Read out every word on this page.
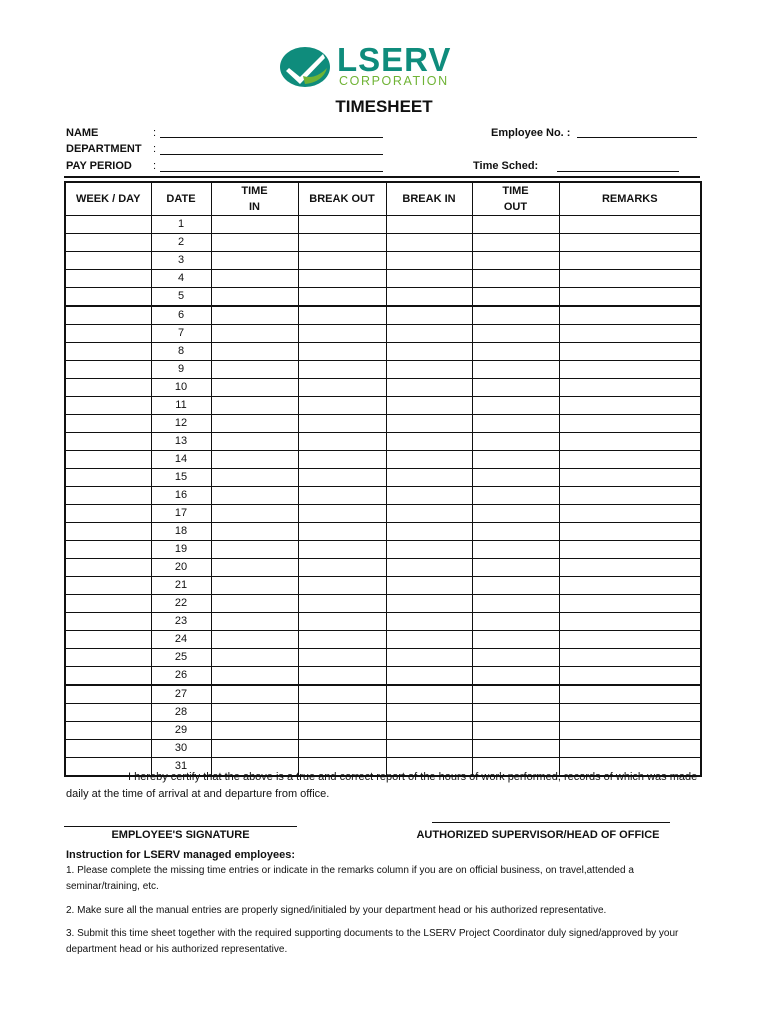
LSERV
CORPORATION
TIMESHEET
NAME	:
DEPARTMENT :
PAY PERIOD :
Employee No. :
Time Sched:
WEEK / DAY	DATE	TIME IN	BREAK OUT	BREAK IN	TIME OUT	REMARKS
	1					
	2					
	3					
	4					
	5					
	6					
	7					
	8					
	9					
	10					
	11					
	12					
	13					
	14					
	15					
	16					
	17					
	18					
	19					
	20					
	21					
	22					
	23					
	24					
	25					
	26					
	27					
	28					
	29					
	30					
	31					
I hereby certify that the above is a true and correct report of the hours of work performed, records of which was made daily at the time of arrival at and departure from office.
EMPLOYEE'S SIGNATURE	AUTHORIZED SUPERVISOR/HEAD OF OFFICE
Instruction for LSERV managed employees:
1. Please complete the missing time entries or indicate in the remarks column if you are on official business, on travel,attended a seminar/training, etc.
2. Make sure all the manual entries are properly signed/initialed by your department head or his authorized representative.
3. Submit this time sheet together with the required supporting documents to the LSERV Project Coordinator duly signed/approved by your department head or his authorized representative.
